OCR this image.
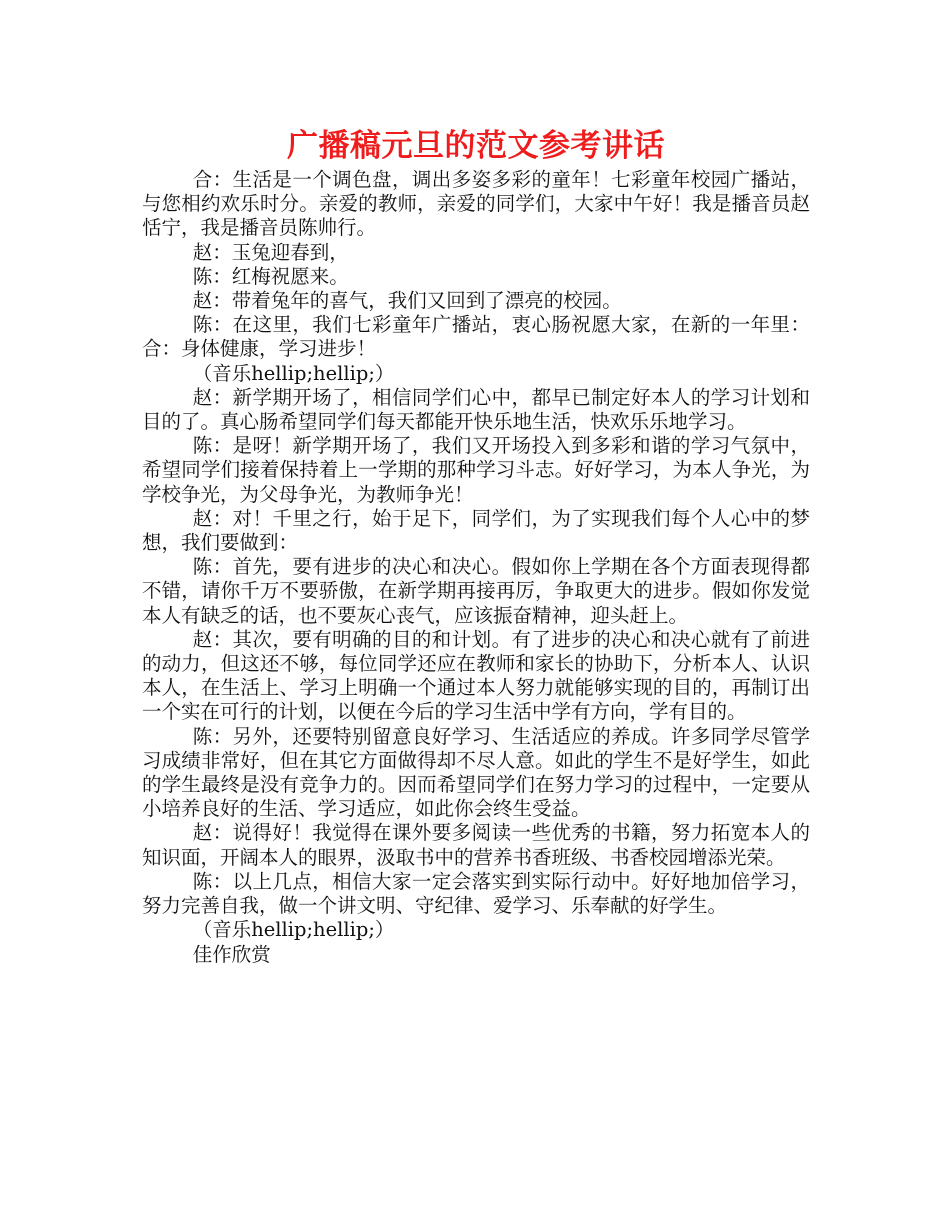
广播稿元旦的范文参考讲话

合：生活是一个调色盘，调出多姿多彩的童年！七彩童年校园广播站，与您相约欢乐时分。亲爱的教师，亲爱的同学们，大家中午好！我是播音员赵恬宁，我是播音员陈帅行。

赵：玉兔迎春到，

陈：红梅祝愿来。

赵：带着兔年的喜气，我们又回到了漂亮的校园。

陈：在这里，我们七彩童年广播站，衷心肠祝愿大家，在新的一年里：合：身体健康，学习进步！

（音乐hellip;hellip;）

赵：新学期开场了，相信同学们心中，都早已制定好本人的学习计划和目的了。真心肠希望同学们每天都能开快乐地生活，快欢乐乐地学习。

陈：是呀！新学期开场了，我们又开场投入到多彩和谐的学习气氛中，希望同学们接着保持着上一学期的那种学习斗志。好好学习，为本人争光，为学校争光，为父母争光，为教师争光！

赵：对！千里之行，始于足下，同学们，为了实现我们每个人心中的梦想，我们要做到：

陈：首先，要有进步的决心和决心。假如你上学期在各个方面表现得都不错，请你千万不要骄傲，在新学期再接再厉，争取更大的进步。假如你发觉本人有缺乏的话，也不要灰心丧气，应该振奋精神，迎头赶上。

赵：其次，要有明确的目的和计划。有了进步的决心和决心就有了前进的动力，但这还不够，每位同学还应在教师和家长的协助下，分析本人、认识本人，在生活上、学习上明确一个通过本人努力就能够实现的目的，再制订出一个实在可行的计划，以便在今后的学习生活中学有方向，学有目的。

陈：另外，还要特别留意良好学习、生活适应的养成。许多同学尽管学习成绩非常好，但在其它方面做得却不尽人意。如此的学生不是好学生，如此的学生最终是没有竞争力的。因而希望同学们在努力学习的过程中，一定要从小培养良好的生活、学习适应，如此你会终生受益。

赵：说得好！我觉得在课外要多阅读一些优秀的书籍，努力拓宽本人的知识面，开阔本人的眼界，汲取书中的营养书香班级、书香校园增添光荣。

陈：以上几点，相信大家一定会落实到实际行动中。好好地加倍学习，努力完善自我，做一个讲文明、守纪律、爱学习、乐奉献的好学生。

（音乐hellip;hellip;）

佳作欣赏
